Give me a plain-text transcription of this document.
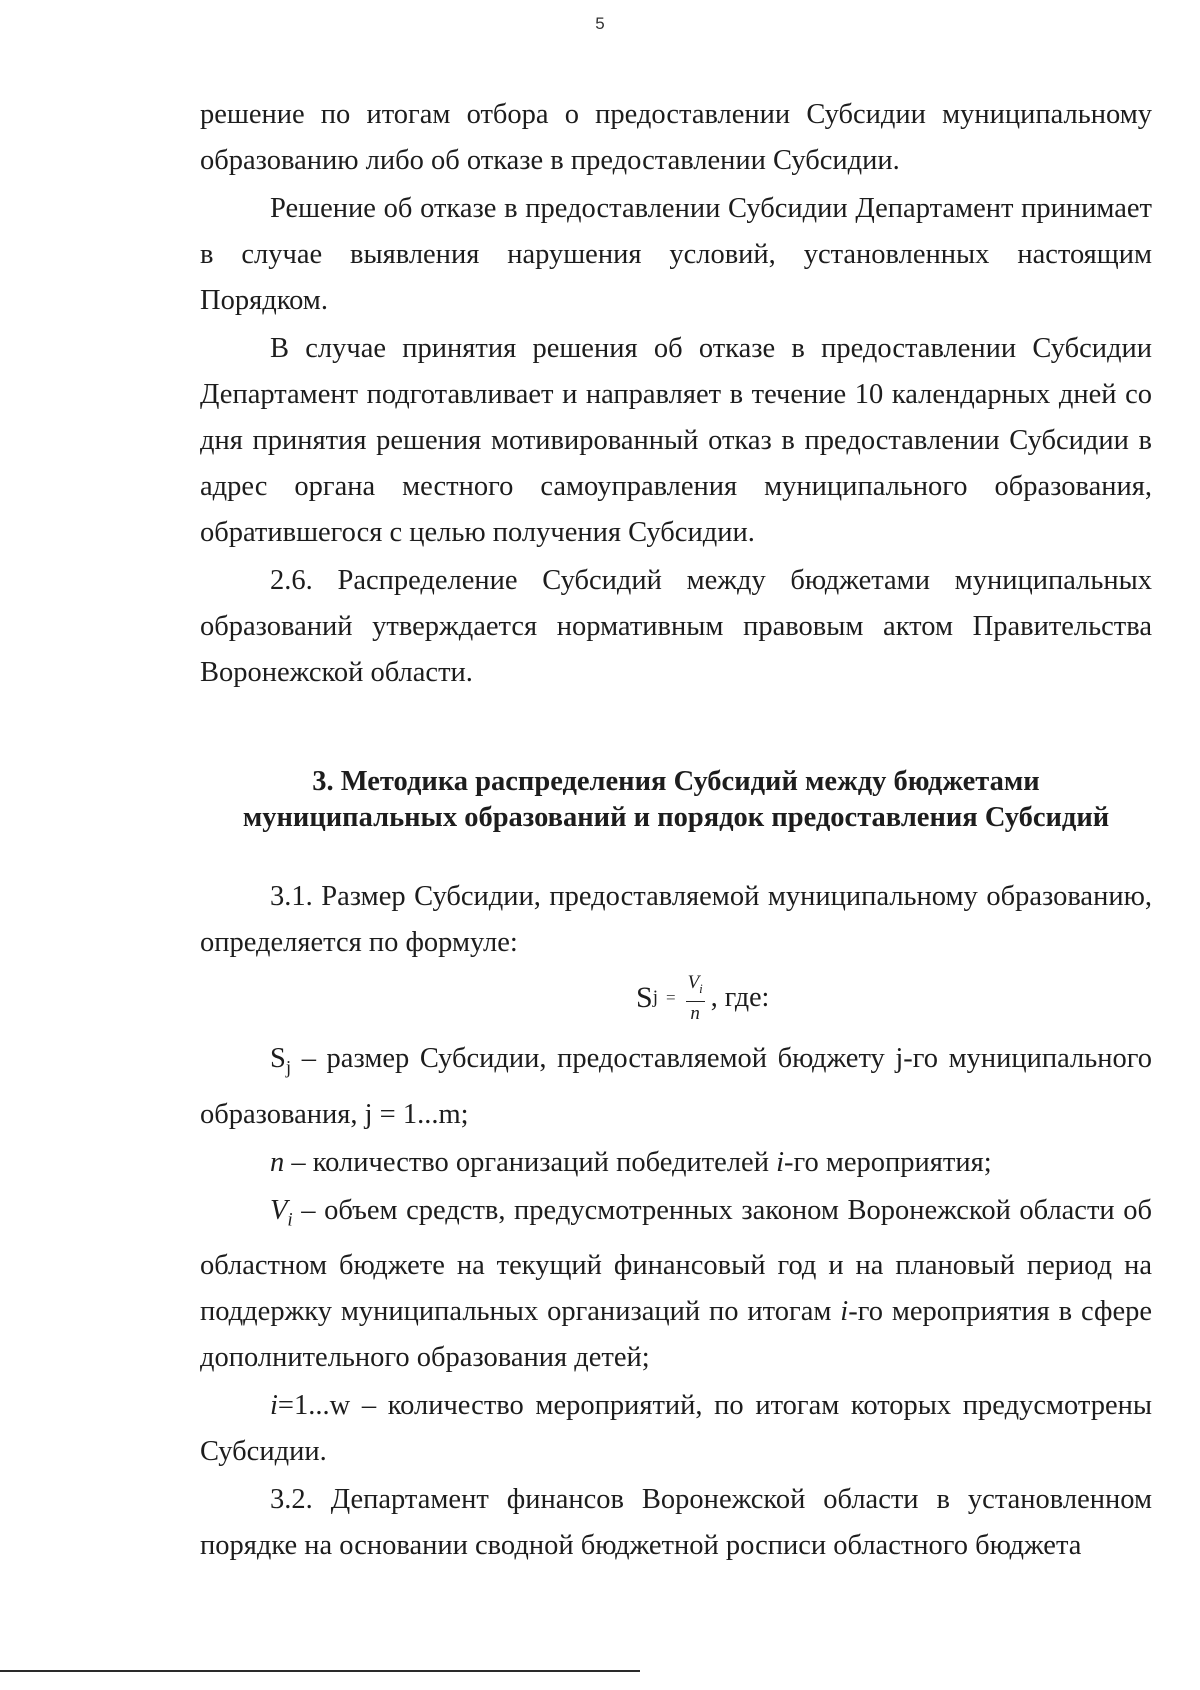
5

решение по итогам отбора о предоставлении Субсидии муниципальному образованию либо об отказе в предоставлении Субсидии.

Решение об отказе в предоставлении Субсидии Департамент принимает в случае выявления нарушения условий, установленных настоящим Порядком.

В случае принятия решения об отказе в предоставлении Субсидии Департамент подготавливает и направляет в течение 10 календарных дней со дня принятия решения мотивированный отказ в предоставлении Субсидии в адрес органа местного самоуправления муниципального образования, обратившегося с целью получения Субсидии.

2.6. Распределение Субсидий между бюджетами муниципальных образований утверждается нормативным правовым актом Правительства Воронежской области.

3. Методика распределения Субсидий между бюджетами
муниципальных образований и порядок предоставления Субсидий

3.1. Размер Субсидии, предоставляемой муниципальному образованию, определяется по формуле:

S $j = \frac{V_i}{n}$ , где:

$S_j$ – размер Субсидии, предоставляемой бюджету j-го муниципального образования, j = 1...m;

n – количество организаций победителей i-го мероприятия;

$V_i$ – объем средств, предусмотренных законом Воронежской области об областном бюджете на текущий финансовый год и на плановый период на поддержку муниципальных организаций по итогам i-го мероприятия в сфере дополнительного образования детей;

i=1...w – количество мероприятий, по итогам которых предусмотрены Субсидии.

3.2. Департамент финансов Воронежской области в установленном порядке на основании сводной бюджетной росписи областного бюджета
